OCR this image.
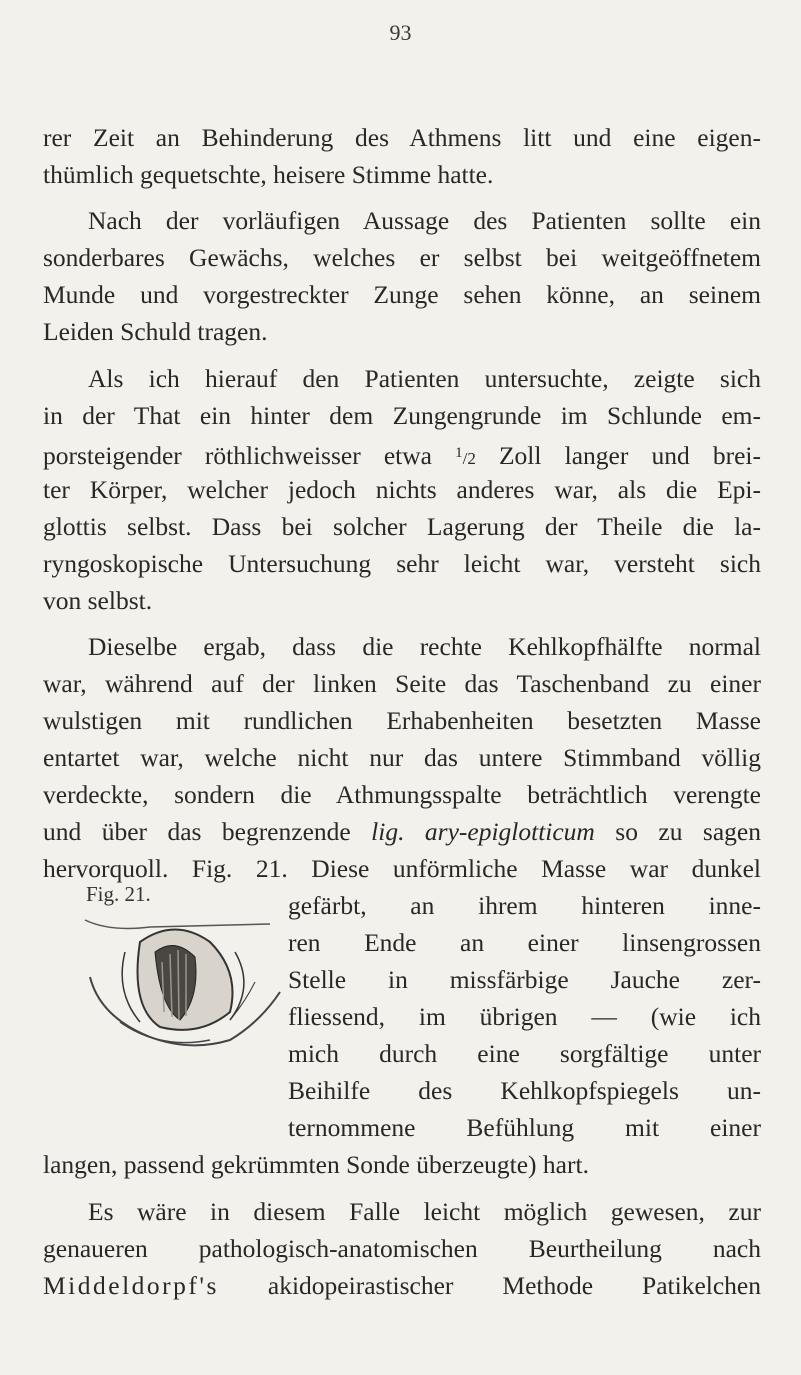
93
rer Zeit an Behinderung des Athmens litt und eine eigen-
thümlich gequetschte, heisere Stimme hatte.
Nach der vorläufigen Aussage des Patienten sollte ein
sonderbares Gewächs, welches er selbst bei weitgeöffnetem
Munde und vorgestreckter Zunge sehen könne, an seinem
Leiden Schuld tragen.
Als ich hierauf den Patienten untersuchte, zeigte sich
in der That ein hinter dem Zungengrunde im Schlunde em-
porsteigender röthlichweisser etwa $^1$/2 Zoll langer und brei-
ter Körper, welcher jedoch nichts anderes war, als die Epi-
glottis selbst. Dass bei solcher Lagerung der Theile die la-
ryngoskopische Untersuchung sehr leicht war, versteht sich
von selbst.
Dieselbe ergab, dass die rechte Kehlkopfhälfte normal
war, während auf der linken Seite das Taschenband zu einer
wulstigen mit rundlichen Erhabenheiten besetzten Masse
entartet war, welche nicht nur das untere Stimmband völlig
verdeckte, sondern die Athmungsspalte beträchtlich verengte
und über das begrenzende lig. ary-epiglotticum so zu sagen
hervorquoll. Fig. 21. Diese unförmliche Masse war dunkel
Fig. 21.	gefärbt, an ihrem hinteren inne-
ren Ende an einer linsengrossen
Stelle in missfärbige Jauche zer-
fliessend, im übrigen — (wie ich
mich durch eine sorgfältige unter
Beihilfe des Kehlkopfspiegels un-
ternommene Befühlung mit einer
langen, passend gekrümmten Sonde überzeugte) hart.
Es wäre in diesem Falle leicht möglich gewesen, zur
genaueren pathologisch-anatomischen Beurtheilung nach
Middeldorpf's akidopeirastischer Methode Patikelchen
